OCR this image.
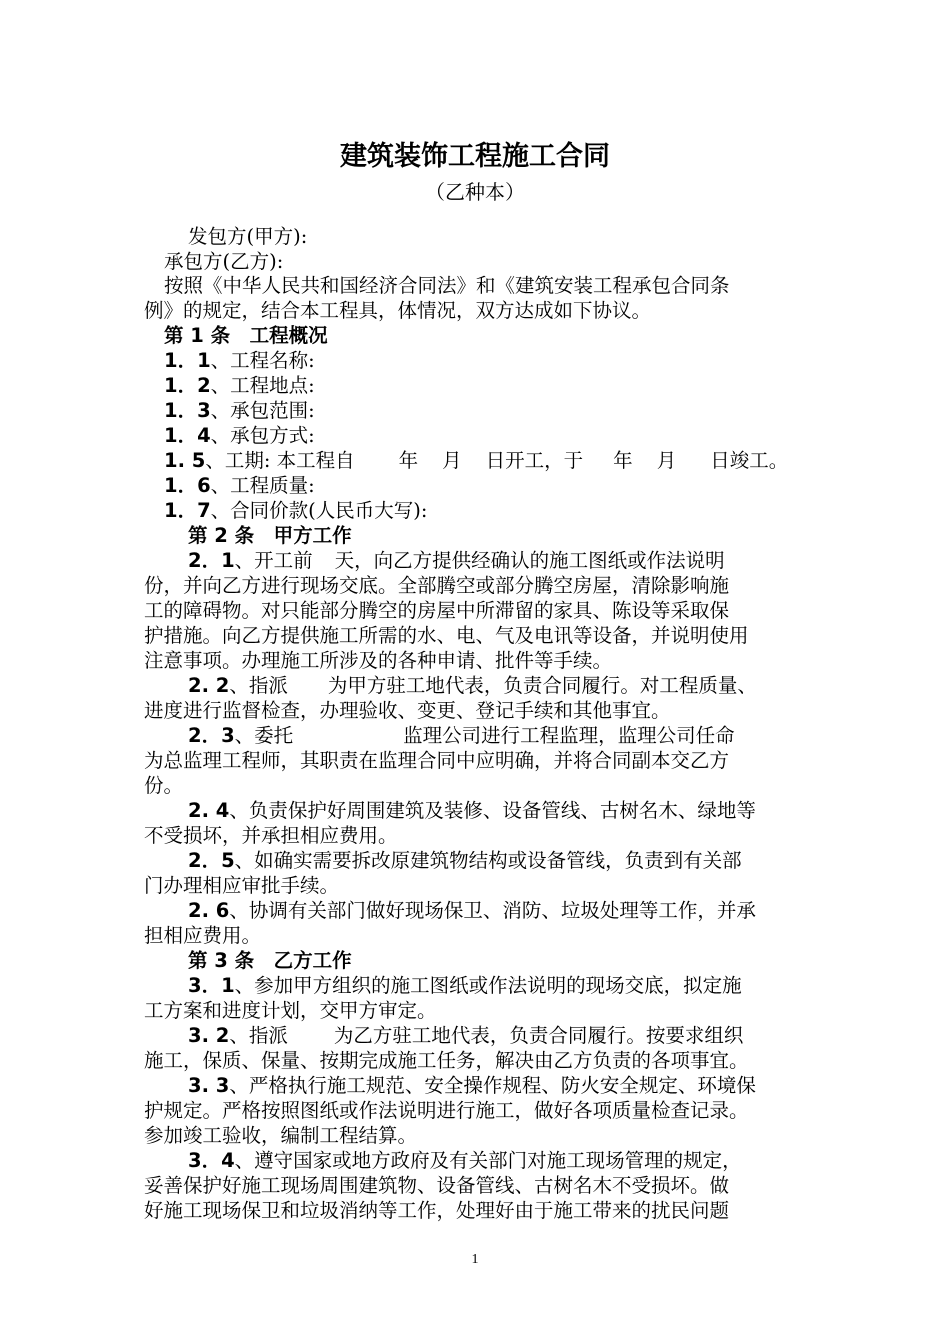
建筑装饰工程施工合同
（乙种本）
发包方(甲方):
承包方(乙方):
按照《中华人民共和国经济合同法》和《建筑安装工程承包合同条
例》的规定，结合本工程具，体情况，双方达成如下协议。
第 1 条　工程概况
1．1、工程名称:
1．2、工程地点:
1．3、承包范围:
1．4、承包方式:
1. 5、工期: 本工程自 年 月 日开工，于 年 月 日竣工。
1．6、工程质量:
1．7、合同价款(人民币大写):
第 2 条　甲方工作
2．1、开工前 天，向乙方提供经确认的施工图纸或作法说明
份，并向乙方进行现场交底。全部腾空或部分腾空房屋，清除影响施
工的障碍物。对只能部分腾空的房屋中所滞留的家具、陈设等采取保
护措施。向乙方提供施工所需的水、电、气及电讯等设备，并说明使用
注意事项。办理施工所涉及的各种申请、批件等手续。
2. 2、指派 为甲方驻工地代表，负责合同履行。对工程质量、
进度进行监督检查，办理验收、变更、登记手续和其他事宜。
2．3、委托	监理公司进行工程监理，监理公司任命
为总监理工程师，其职责在监理合同中应明确，并将合同副本交乙方
份。
2. 4、负责保护好周围建筑及装修、设备管线、古树名木、绿地等
不受损坏，并承担相应费用。
2．5、如确实需要拆改原建筑物结构或设备管线，负责到有关部
门办理相应审批手续。
2. 6、协调有关部门做好现场保卫、消防、垃圾处理等工作，并承
担相应费用。
第 3 条　乙方工作
3．1、参加甲方组织的施工图纸或作法说明的现场交底，拟定施
工方案和进度计划，交甲方审定。
3. 2、指派 为乙方驻工地代表，负责合同履行。按要求组织
施工，保质、保量、按期完成施工任务，解决由乙方负责的各项事宜。
3. 3、严格执行施工规范、安全操作规程、防火安全规定、环境保
护规定。严格按照图纸或作法说明进行施工，做好各项质量检查记录。
参加竣工验收，编制工程结算。
3．4、遵守国家或地方政府及有关部门对施工现场管理的规定，
妥善保护好施工现场周围建筑物、设备管线、古树名木不受损坏。做
好施工现场保卫和垃圾消纳等工作，处理好由于施工带来的扰民问题
1
